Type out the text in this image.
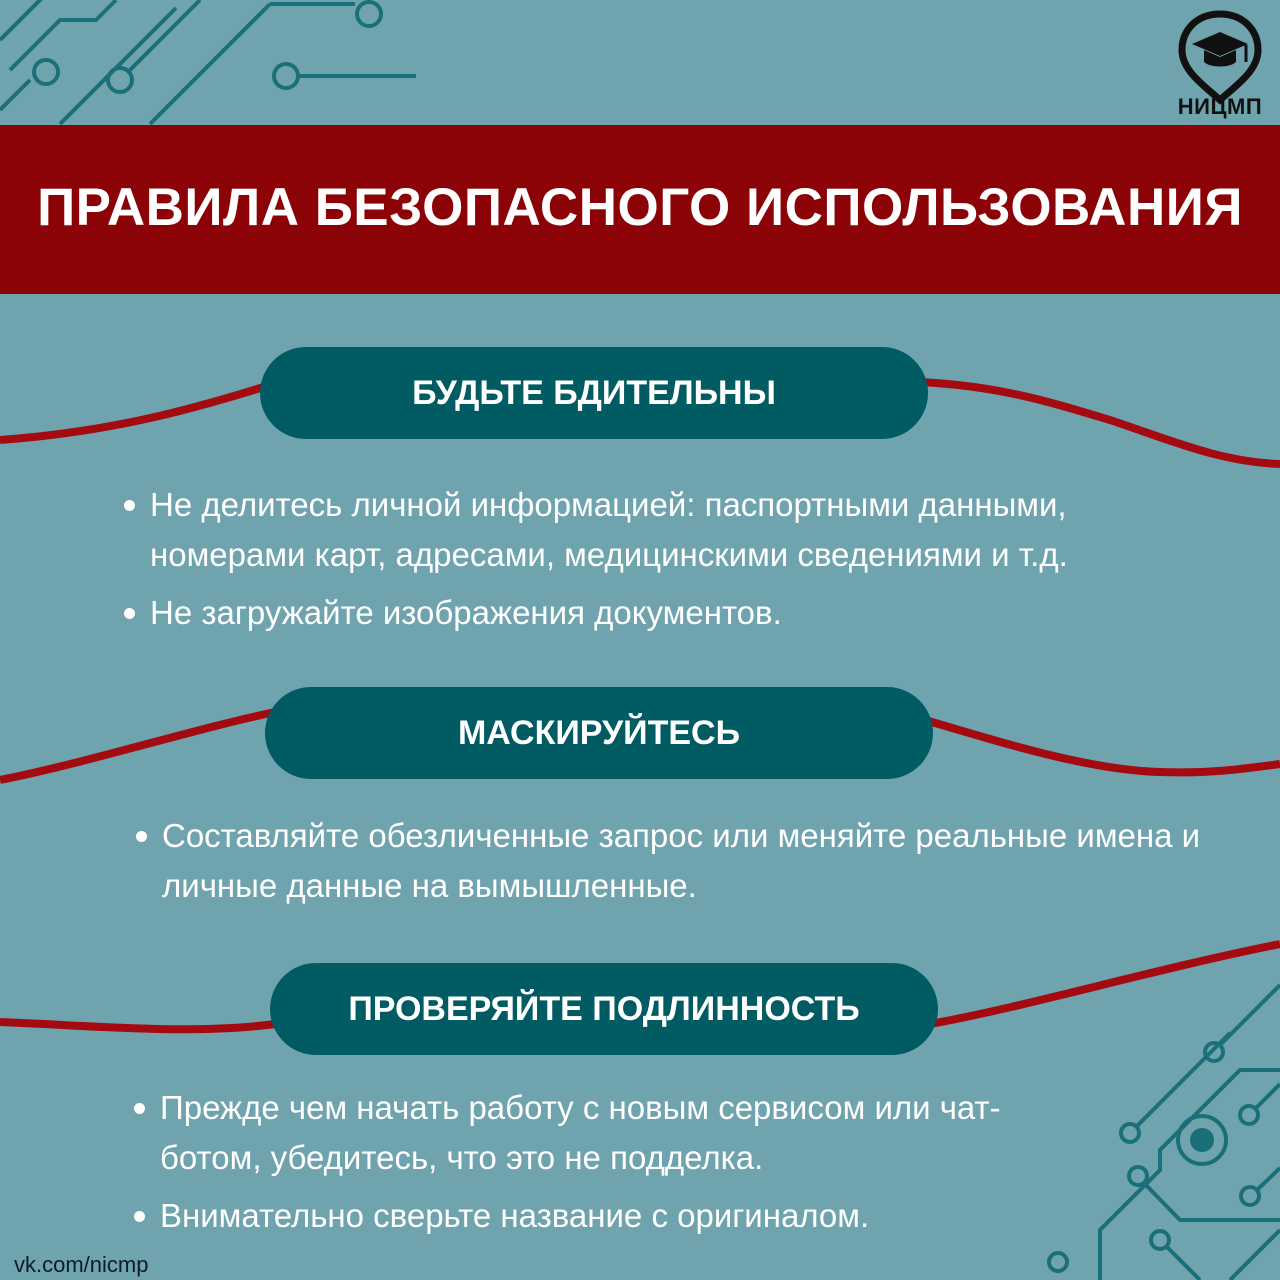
НИЦМП
ПРАВИЛА БЕЗОПАСНОГО ИСПОЛЬЗОВАНИЯ
БУДЬТЕ БДИТЕЛЬНЫ
Не делитесь личной информацией: паспортными данными, номерами карт, адресами, медицинскими сведениями и т.д.
Не загружайте изображения документов.
МАСКИРУЙТЕСЬ
Составляйте обезличенные запрос или меняйте реальные имена и личные данные на вымышленные.
ПРОВЕРЯЙТЕ ПОДЛИННОСТЬ
Прежде чем начать работу с новым сервисом или чат-ботом, убедитесь, что это не подделка.
Внимательно сверьте название с оригиналом.
vk.com/nicmp
